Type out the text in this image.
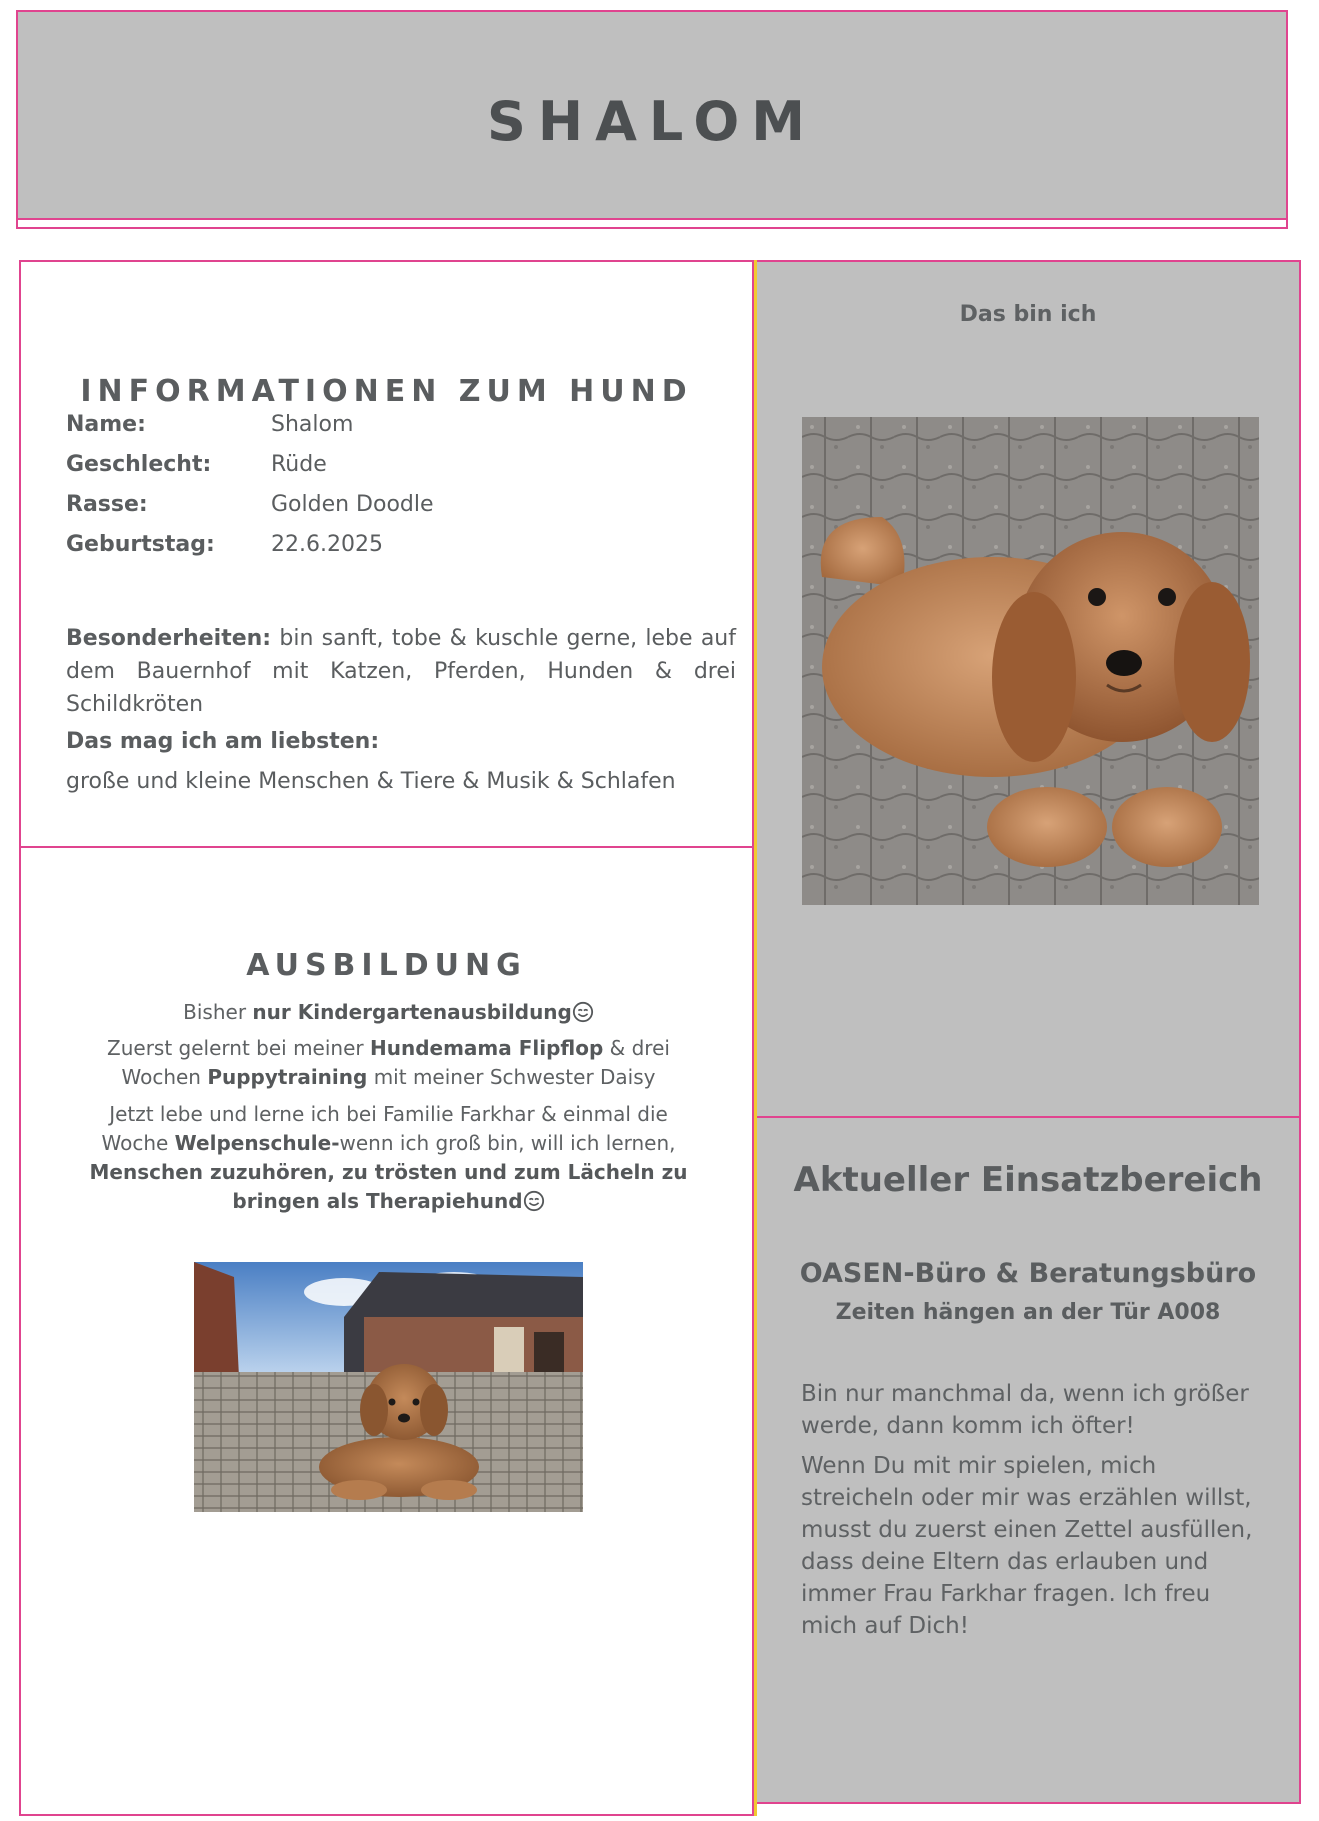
SHALOM
INFORMATIONEN ZUM HUND
Name:	Shalom
Geschlecht:	Rüde
Rasse:	Golden Doodle
Geburtstag:	22.6.2025
Besonderheiten: bin sanft, tobe & kuschle gerne, lebe auf dem Bauernhof mit Katzen, Pferden, Hunden & drei Schildkröten
Das mag ich am liebsten:
große und kleine Menschen & Tiere & Musik & Schlafen
AUSBILDUNG

Bisher nur Kindergartenausbildung

Zuerst gelernt bei meiner Hundemama Flipflop & drei Wochen Puppytraining mit meiner Schwester Daisy

Jetzt lebe und lerne ich bei Familie Farkhar & einmal die Woche Welpenschule-wenn ich groß bin, will ich lernen, Menschen zuzuhören, zu trösten und zum Lächeln zu bringen als Therapiehund

Das bin ich
Aktueller Einsatzbereich
OASEN-Büro & Beratungsbüro
Zeiten hängen an der Tür A008

Bin nur manchmal da, wenn ich größer werde, dann komm ich öfter!

Wenn Du mit mir spielen, mich streicheln oder mir was erzählen willst, musst du zuerst einen Zettel ausfüllen, dass deine Eltern das erlauben und immer Frau Farkhar fragen. Ich freu mich auf Dich!
